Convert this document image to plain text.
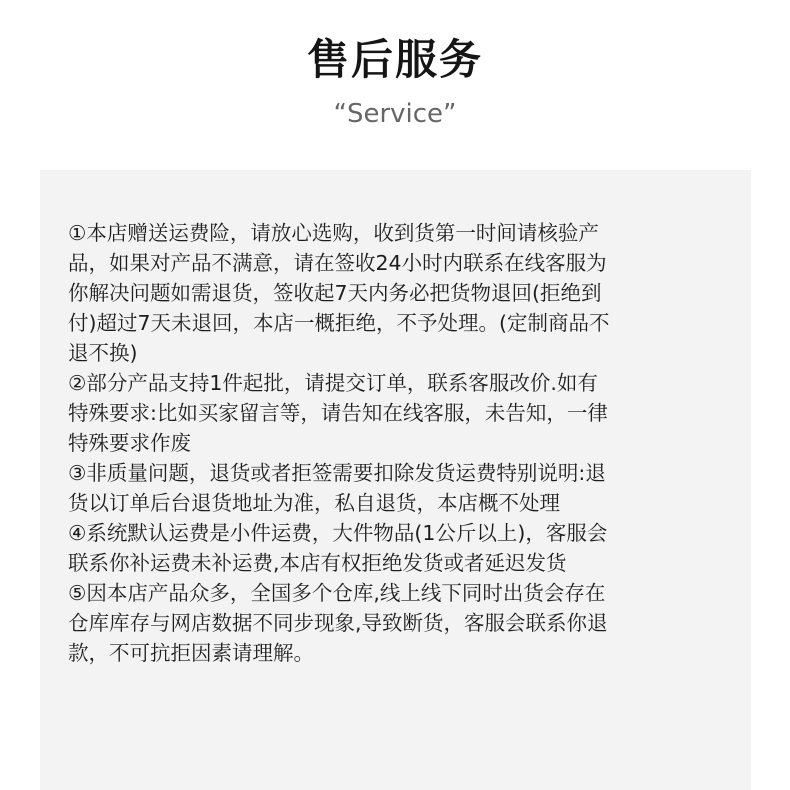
售后服务
“Service”
①本店赠送运费险，请放心选购，收到货第一时间请核验产
品，如果对产品不满意，请在签收24小时内联系在线客服为
你解决问题如需退货，签收起7天内务必把货物退回(拒绝到
付)超过7天未退回，本店一概拒绝，不予处理。(定制商品不
退不换)
②部分产品支持1件起批，请提交订单，联系客服改价.如有
特殊要求:比如买家留言等，请告知在线客服，未告知，一律
特殊要求作废
③非质量问题，退货或者拒签需要扣除发货运费特别说明:退
货以订单后台退货地址为准，私自退货，本店概不处理
④系统默认运费是小件运费，大件物品(1公斤以上)，客服会
联系你补运费未补运费,本店有权拒绝发货或者延迟发货
⑤因本店产品众多，全国多个仓库,线上线下同时出货会存在
仓库库存与网店数据不同步现象,导致断货，客服会联系你退
款，不可抗拒因素请理解。
